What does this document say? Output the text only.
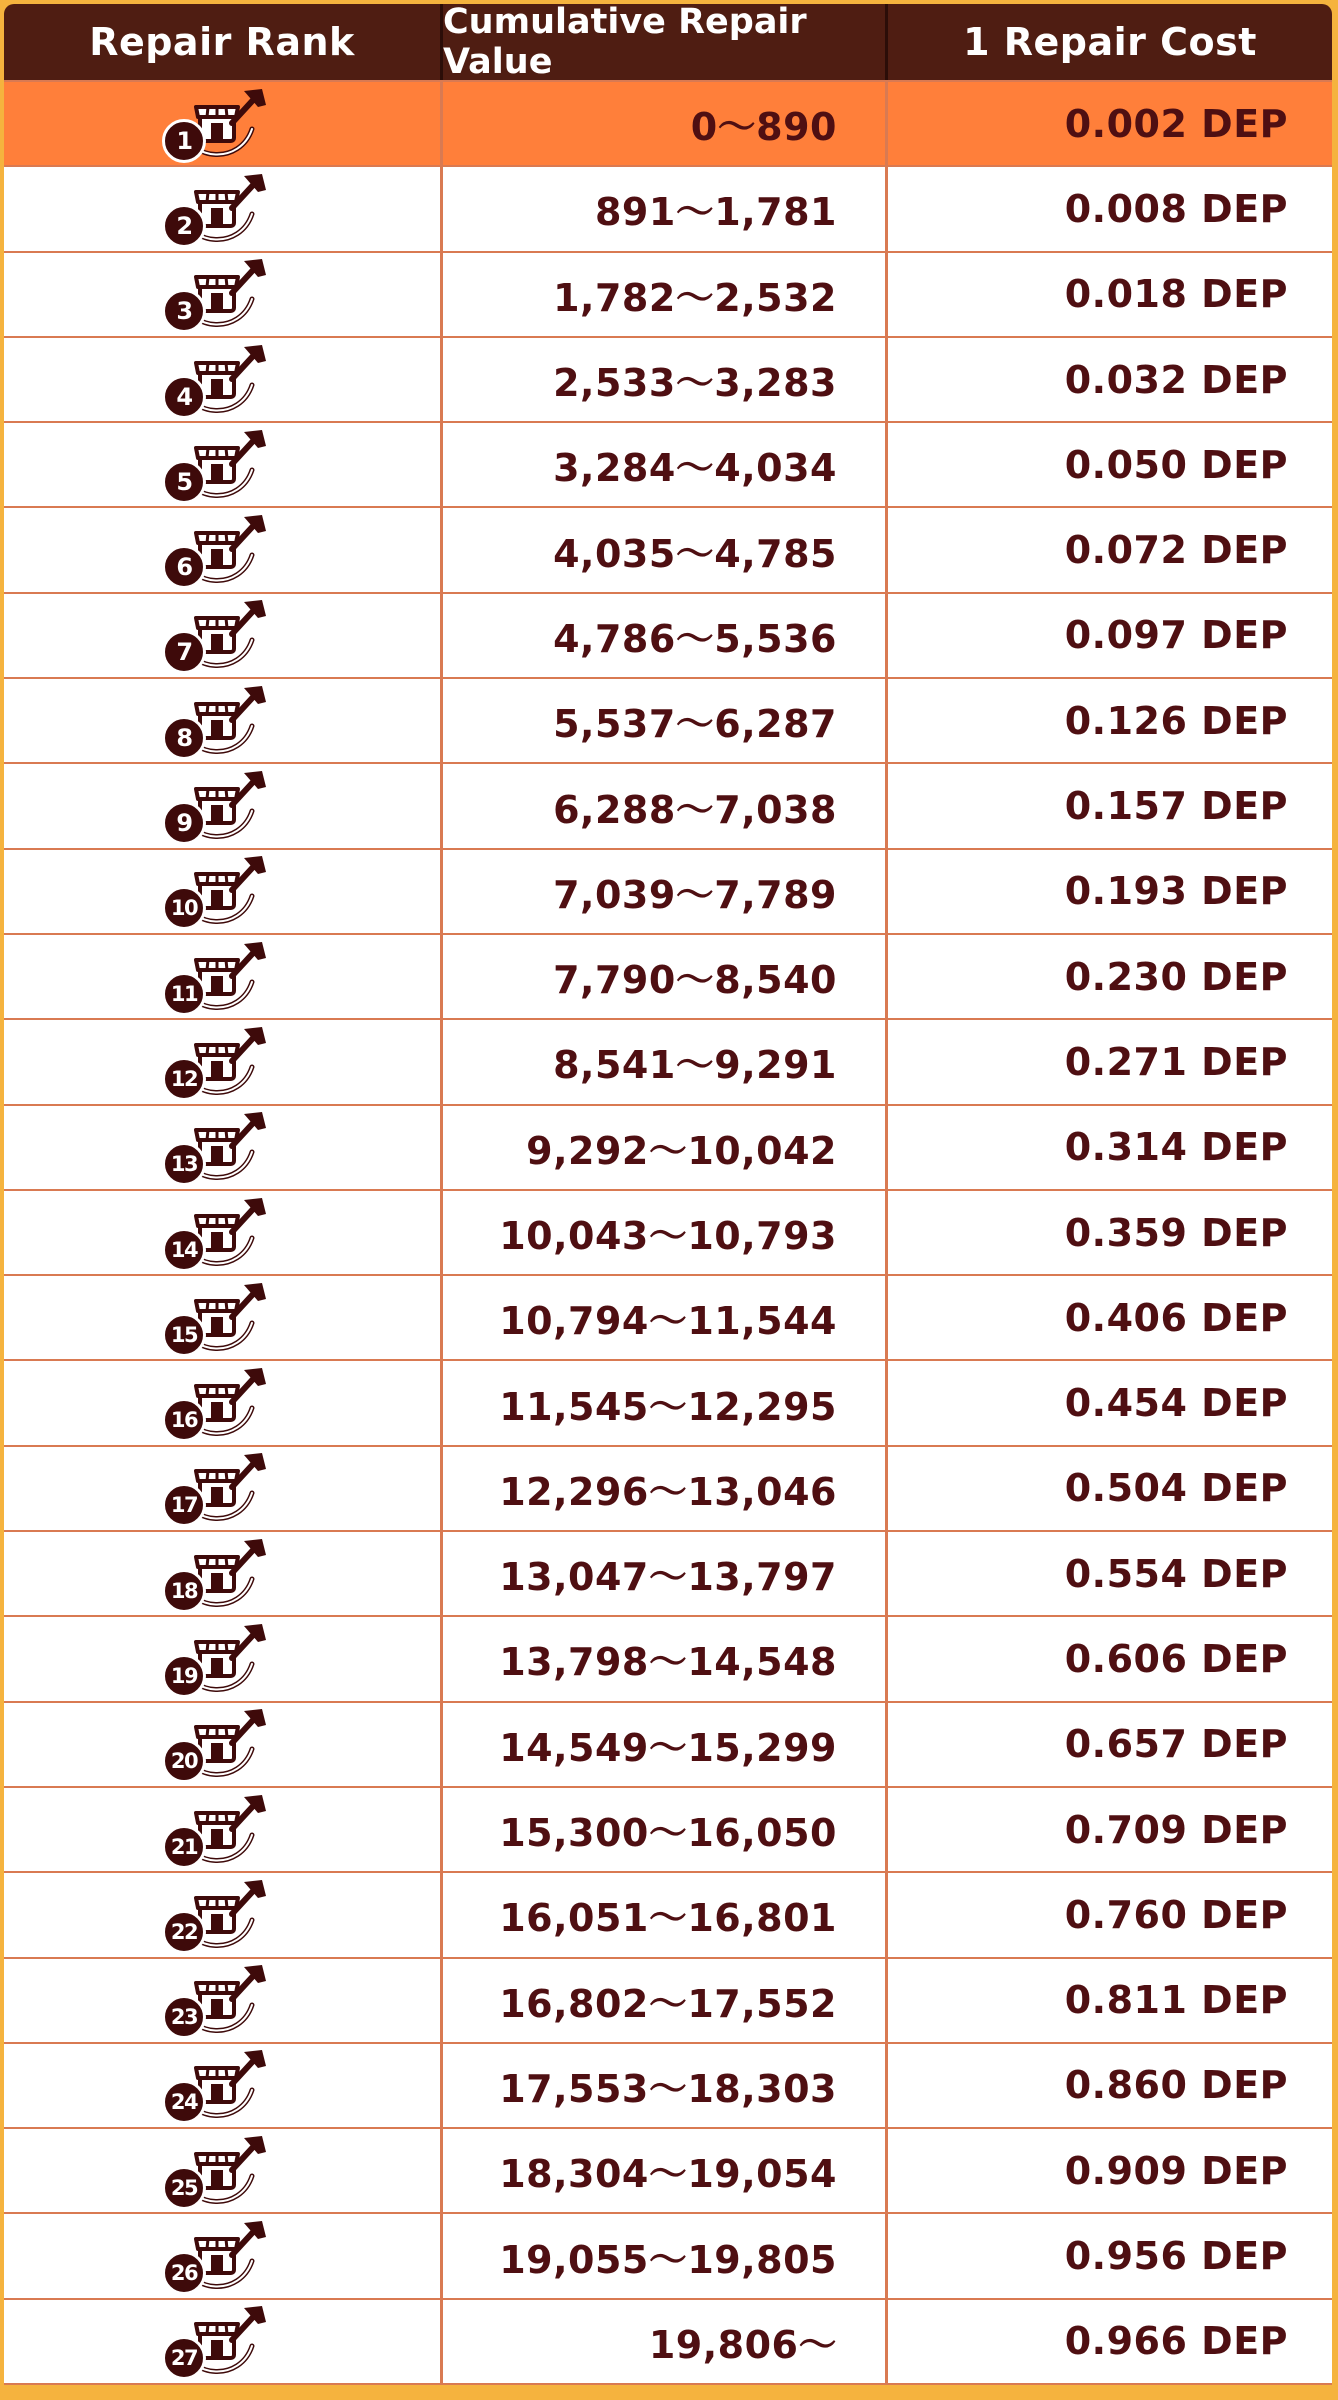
Repair Rank	Cumulative Repair Value	1 Repair Cost
1	0～890	0.002 DEP
2	891～1,781	0.008 DEP
3	1,782～2,532	0.018 DEP
4	2,533～3,283	0.032 DEP
5	3,284～4,034	0.050 DEP
6	4,035～4,785	0.072 DEP
7	4,786～5,536	0.097 DEP
8	5,537～6,287	0.126 DEP
9	6,288～7,038	0.157 DEP
10	7,039～7,789	0.193 DEP
11	7,790～8,540	0.230 DEP
12	8,541～9,291	0.271 DEP
13	9,292～10,042	0.314 DEP
14	10,043～10,793	0.359 DEP
15	10,794～11,544	0.406 DEP
16	11,545～12,295	0.454 DEP
17	12,296～13,046	0.504 DEP
18	13,047～13,797	0.554 DEP
19	13,798～14,548	0.606 DEP
20	14,549～15,299	0.657 DEP
21	15,300～16,050	0.709 DEP
22	16,051～16,801	0.760 DEP
23	16,802～17,552	0.811 DEP
24	17,553～18,303	0.860 DEP
25	18,304～19,054	0.909 DEP
26	19,055～19,805	0.956 DEP
27	19,806～	0.966 DEP
